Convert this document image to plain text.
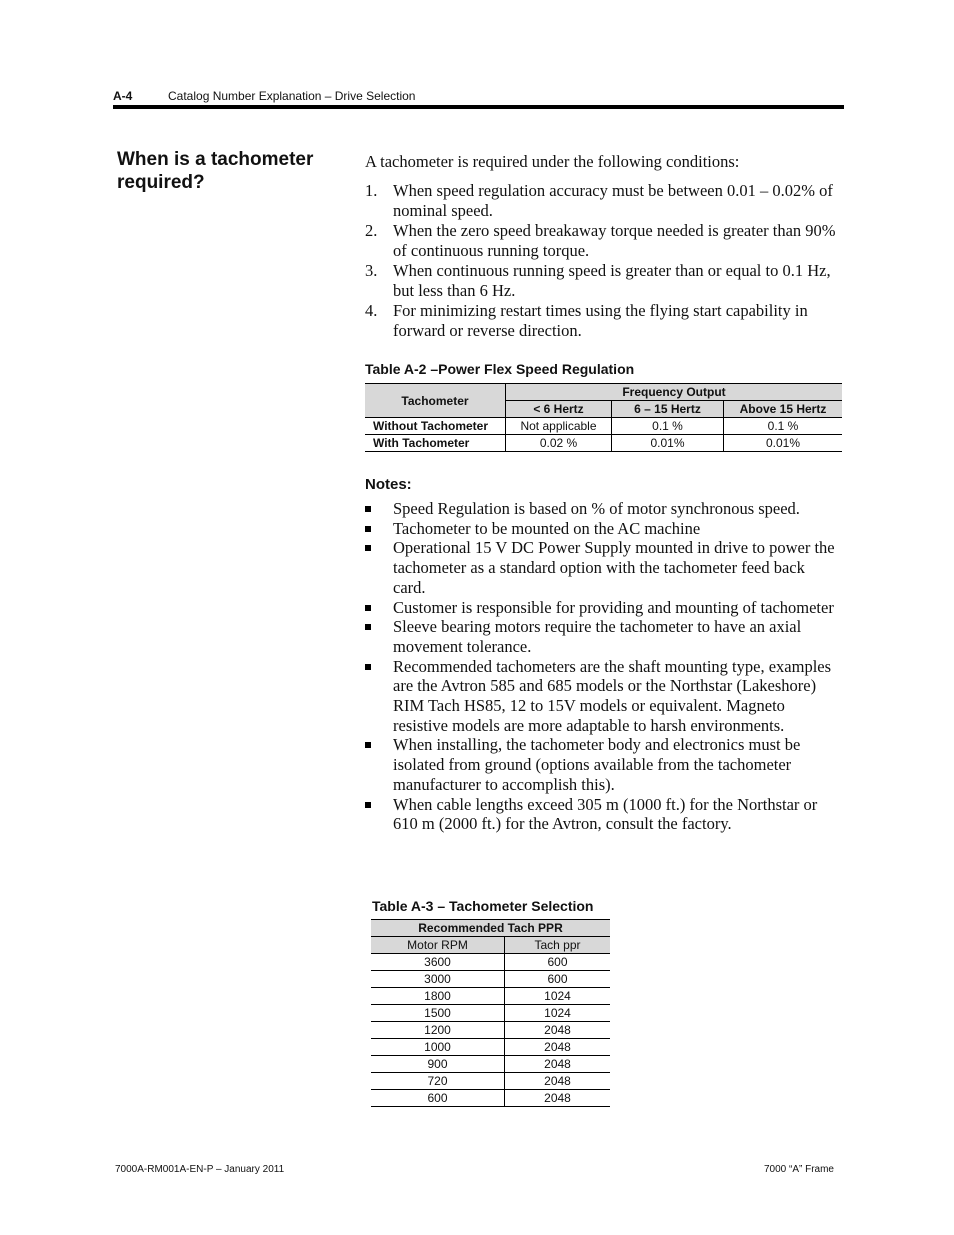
A-4	Catalog Number Explanation – Drive Selection
When is a tachometer
required?
A tachometer is required under the following conditions:
1. When speed regulation accuracy must be between 0.01 – 0.02% of nominal speed.
2. When the zero speed breakaway torque needed is greater than 90% of continuous running torque.
3. When continuous running speed is greater than or equal to 0.1 Hz, but less than 6 Hz.
4. For minimizing restart times using the flying start capability in forward or reverse direction.
Table A-2 –Power Flex Speed Regulation
Tachometer	Frequency Output		
	< 6 Hertz	6 – 15 Hertz	Above 15 Hertz
Without Tachometer	Not applicable	0.1 %	0.1 %
With Tachometer	0.02 %	0.01%	0.01%
Notes:
Speed Regulation is based on % of motor synchronous speed.
Tachometer to be mounted on the AC machine
Operational 15 V DC Power Supply mounted in drive to power the tachometer as a standard option with the tachometer feed back card.
Customer is responsible for providing and mounting of tachometer
Sleeve bearing motors require the tachometer to have an axial movement tolerance.
Recommended tachometers are the shaft mounting type, examples are the Avtron 585 and 685 models or the Northstar (Lakeshore) RIM Tach HS85, 12 to 15V models or equivalent. Magneto resistive models are more adaptable to harsh environments.
When installing, the tachometer body and electronics must be isolated from ground (options available from the tachometer manufacturer to accomplish this).
When cable lengths exceed 305 m (1000 ft.) for the Northstar or 610 m (2000 ft.) for the Avtron, consult the factory.
Table A-3 – Tachometer Selection
Recommended Tach PPR	
Motor RPM	Tach ppr
3600	600
3000	600
1800	1024
1500	1024
1200	2048
1000	2048
900	2048
720	2048
600	2048
7000A-RM001A-EN-P – January 2011	7000 “A” Frame
